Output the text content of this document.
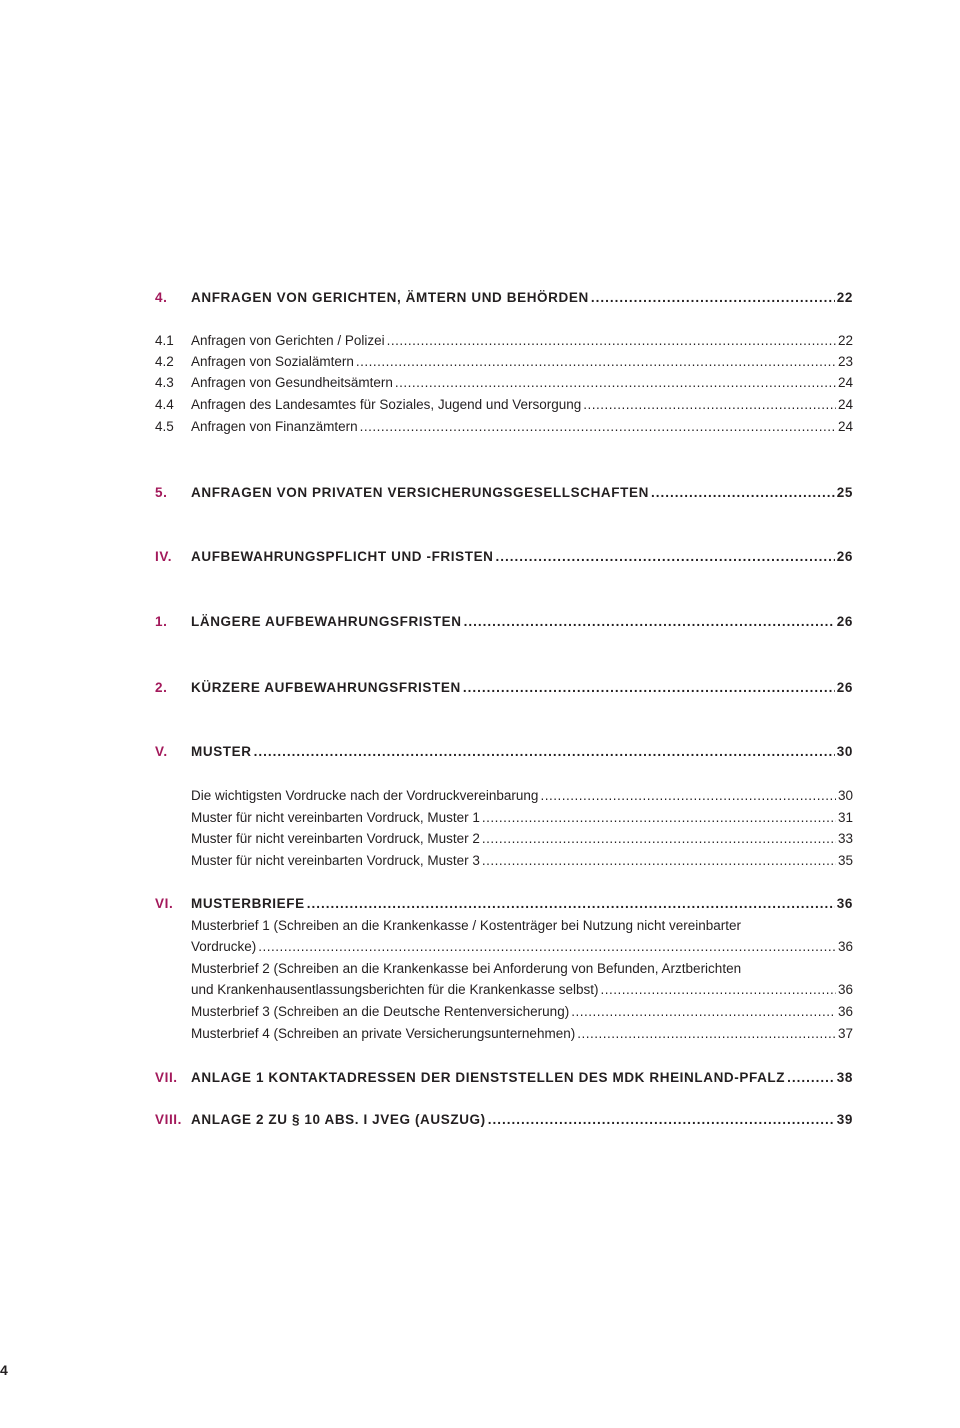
4.	ANFRAGEN VON GERICHTEN, ÄMTERN UND BEHÖRDEN .....	22
4.1	Anfragen von Gerichten / Polizei .....	22
4.2	Anfragen von Sozialämtern .....	23
4.3	Anfragen von Gesundheitsämtern .....	24
4.4	Anfragen des Landesamtes für Soziales, Jugend und Versorgung .....	24
4.5	Anfragen von Finanzämtern .....	24
5.	ANFRAGEN VON PRIVATEN VERSICHERUNGSGESELLSCHAFTEN .....	25
IV.	AUFBEWAHRUNGSPFLICHT UND -FRISTEN .....	26
1.	LÄNGERE AUFBEWAHRUNGSFRISTEN .....	26
2.	KÜRZERE AUFBEWAHRUNGSFRISTEN .....	26
V.	MUSTER .....	30
Die wichtigsten Vordrucke nach der Vordruckvereinbarung .....	30
Muster für nicht vereinbarten Vordruck, Muster 1 .....	31
Muster für nicht vereinbarten Vordruck, Muster 2 .....	33
Muster für nicht vereinbarten Vordruck, Muster 3 .....	35
VI.	MUSTERBRIEFE .....	36
Musterbrief 1 (Schreiben an die Krankenkasse / Kostenträger bei Nutzung nicht vereinbarter
Vordrucke) .....	36
Musterbrief 2 (Schreiben an die Krankenkasse bei Anforderung von Befunden, Arztberichten
und Krankenhausentlassungsberichten für die Krankenkasse selbst) .....	36
Musterbrief 3 (Schreiben an die Deutsche Rentenversicherung) .....	36
Musterbrief 4 (Schreiben an private Versicherungsunternehmen) .....	37
VII. ANLAGE 1 KONTAKTADRESSEN DER DIENSTSTELLEN DES MDK RHEINLAND-PFALZ .....	38
VIII. ANLAGE 2 ZU § 10 ABS. I JVEG (AUSZUG) .....	39
4
